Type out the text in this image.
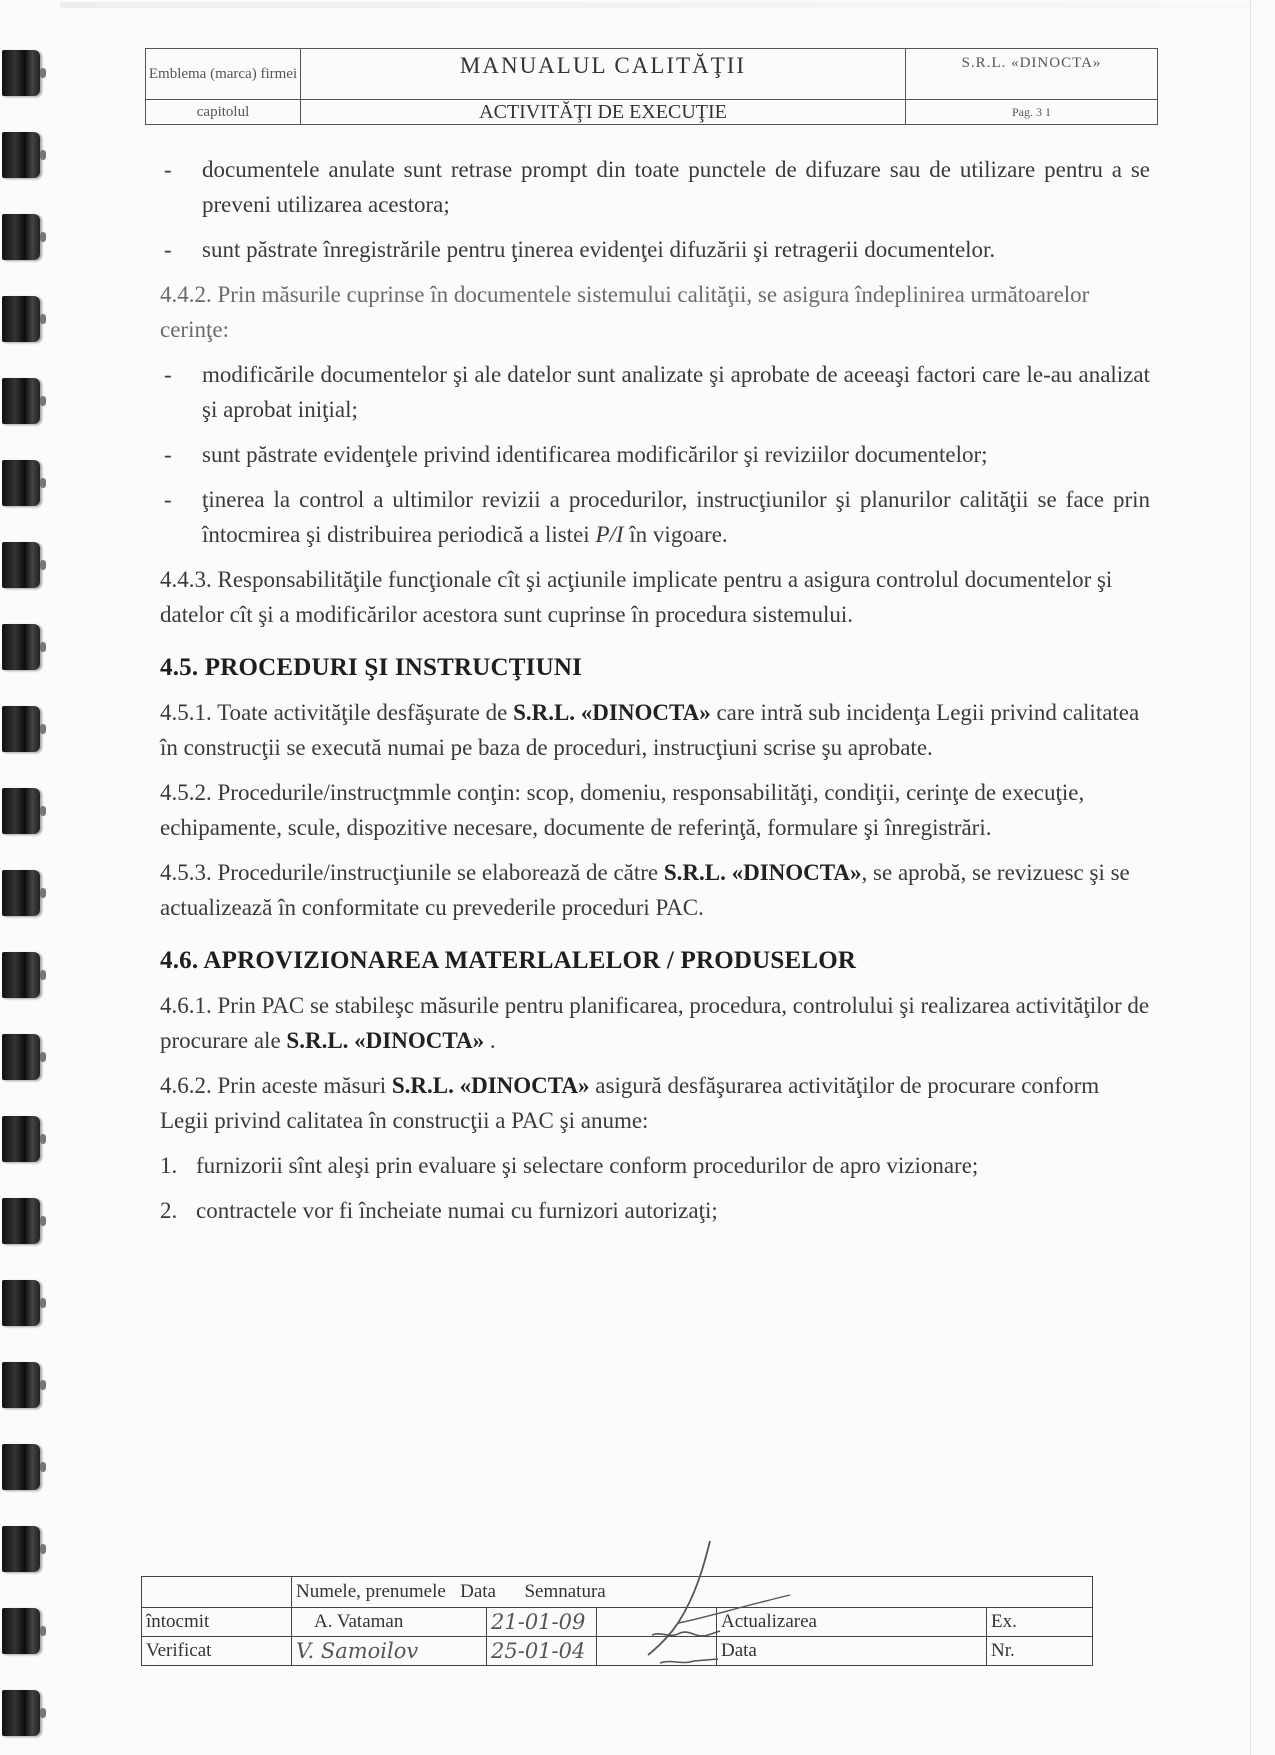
Emblema (marca) firmei	MANUALUL CALITĂŢII	S.R.L. «DINOCTA»
capitolul	ACTIVITĂŢI DE EXECUŢIE	Pag. 3 1
- documentele anulate sunt retrase prompt din toate punctele de difuzare sau de utilizare pentru a se preveni utilizarea acestora;
- sunt păstrate înregistrările pentru ţinerea evidenţei difuzării şi retragerii documentelor.
4.4.2. Prin măsurile cuprinse în documentele sistemului calităţii, se asigura îndeplinirea următoarelor cerinţe:
- modificările documentelor şi ale datelor sunt analizate şi aprobate de aceeaşi factori care le-au analizat şi aprobat iniţial;
- sunt păstrate evidenţele privind identificarea modificărilor şi reviziilor documentelor;
- ţinerea la control a ultimilor revizii a procedurilor, instrucţiunilor şi planurilor calităţii se face prin întocmirea şi distribuirea periodică a listei P/I în vigoare.
4.4.3. Responsabilităţile funcţionale cît şi acţiunile implicate pentru a asigura controlul documentelor şi datelor cît şi a modificărilor acestora sunt cuprinse în procedura sistemului.
4.5. PROCEDURI ŞI INSTRUCŢIUNI
4.5.1. Toate activităţile desfăşurate de S.R.L. «DINOCTA» care intră sub incidenţa Legii privind calitatea în construcţii se execută numai pe baza de proceduri, instrucţiuni scrise şu aprobate.
4.5.2. Procedurile/instrucţmmle conţin: scop, domeniu, responsabilităţi, condiţii, cerinţe de execuţie, echipamente, scule, dispozitive necesare, documente de referinţă, formulare şi înregistrări.
4.5.3. Procedurile/instrucţiunile se elaborează de către S.R.L. «DINOCTA», se aprobă, se revizuesc şi se actualizează în conformitate cu prevederile proceduri PAC.
4.6. APROVIZIONAREA MATERLALELOR / PRODUSELOR
4.6.1. Prin PAC se stabileşc măsurile pentru planificarea, procedura, controlului şi realizarea activităţilor de procurare ale S.R.L. «DINOCTA» .
4.6.2. Prin aceste măsuri S.R.L. «DINOCTA» asigură desfăşurarea activităţilor de procurare conform Legii privind calitatea în construcţii a PAC şi anume:
1. furnizorii sînt aleşi prin evaluare şi selectare conform procedurilor de apro vizionare;
2. contractele vor fi încheiate numai cu furnizori autorizaţi;
	Numele, prenumele Data Semnatura				
întocmit	A. Vataman	21-01-09		Actualizarea	Ex.
Verificat	V. Samoilov	25-01-04		Data	Nr.
